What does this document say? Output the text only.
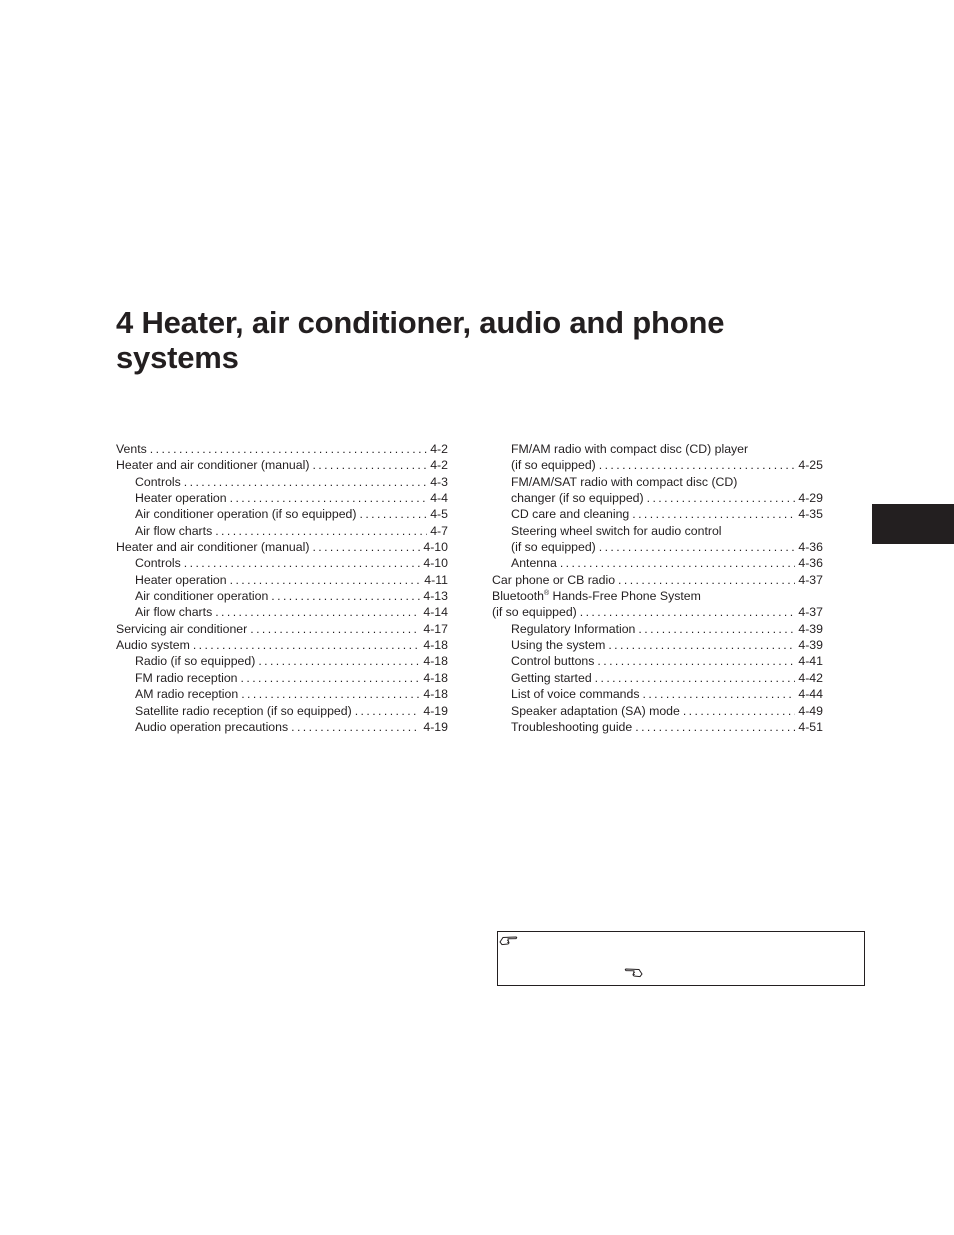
4 Heater, air conditioner, audio and phone systems
Vents . . .	4-2
Heater and air conditioner (manual) . . .	4-2
Controls . . .	4-3
Heater operation . . .	4-4
Air conditioner operation (if so equipped) . . .	4-5
Air flow charts . . .	4-7
Heater and air conditioner (manual) . . .	4-10
Controls . . .	4-10
Heater operation . . .	4-11
Air conditioner operation . . .	4-13
Air flow charts . . .	4-14
Servicing air conditioner . . .	4-17
Audio system . . .	4-18
Radio (if so equipped) . . .	4-18
FM radio reception . . .	4-18
AM radio reception . . .	4-18
Satellite radio reception (if so equipped) . . .	4-19
Audio operation precautions . . .	4-19
FM/AM radio with compact disc (CD) player
(if so equipped) . . .	4-25
FM/AM/SAT radio with compact disc (CD)
changer (if so equipped) . . .	4-29
CD care and cleaning . . .	4-35
Steering wheel switch for audio control
(if so equipped) . . .	4-36
Antenna . . .	4-36
Car phone or CB radio . . .	4-37
Bluetooth® Hands-Free Phone System
(if so equipped) . . .	4-37
Regulatory Information . . .	4-39
Using the system . . .	4-39
Control buttons . . .	4-41
Getting started . . .	4-42
List of voice commands . . .	4-44
Speaker adaptation (SA) mode . . .	4-49
Troubleshooting guide . . .	4-51
